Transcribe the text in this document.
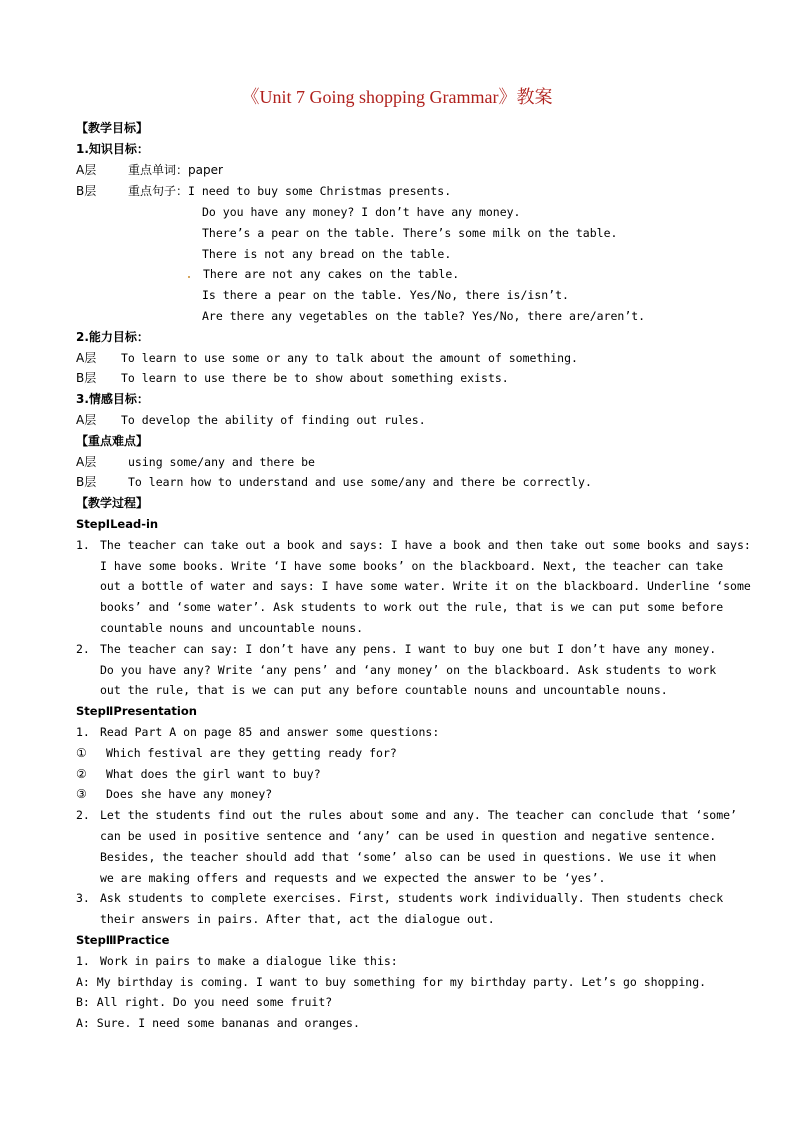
《Unit 7 Going shopping Grammar》教案
【教学目标】
1.知识目标：
A层	重点单词：paper
B层	重点句子：I need to buy some Christmas presents.
Do you have any money? I don’t have any money.
There’s a pear on the table. There’s some milk on the table.
There is not any bread on the table.
There are not any cakes on the table.
Is there a pear on the table. Yes/No, there is/isn’t.
Are there any vegetables on the table? Yes/No, there are/aren’t.
2.能力目标：
A层 To learn to use some or any to talk about the amount of something.
B层 To learn to use there be to show about something exists.
3.情感目标：
A层 To develop the ability of finding out rules.
【重点难点】
A层	using some/any and there be
B层	To learn how to understand and use some/any and there be correctly.
【教学过程】
StepⅠLead-in
1. The teacher can take out a book and says: I have a book and then take out some books and says:
I have some books. Write ‘I have some books’ on the blackboard. Next, the teacher can take
out a bottle of water and says: I have some water. Write it on the blackboard. Underline ‘some
books’ and ‘some water’. Ask students to work out the rule, that is we can put some before
countable nouns and uncountable nouns.
2. The teacher can say: I don’t have any pens. I want to buy one but I don’t have any money.
Do you have any? Write ‘any pens’ and ‘any money’ on the blackboard. Ask students to work
out the rule, that is we can put any before countable nouns and uncountable nouns.
StepⅡPresentation
1. Read Part A on page 85 and answer some questions:
① Which festival are they getting ready for?
② What does the girl want to buy?
③ Does she have any money?
2. Let the students find out the rules about some and any. The teacher can conclude that ‘some’
can be used in positive sentence and ‘any’ can be used in question and negative sentence.
Besides, the teacher should add that ‘some’ also can be used in questions. We use it when
we are making offers and requests and we expected the answer to be ‘yes’.
3. Ask students to complete exercises. First, students work individually. Then students check
their answers in pairs. After that, act the dialogue out.
StepⅢPractice
1. Work in pairs to make a dialogue like this:
A: My birthday is coming. I want to buy something for my birthday party. Let’s go shopping.
B: All right. Do you need some fruit?
A: Sure. I need some bananas and oranges.
